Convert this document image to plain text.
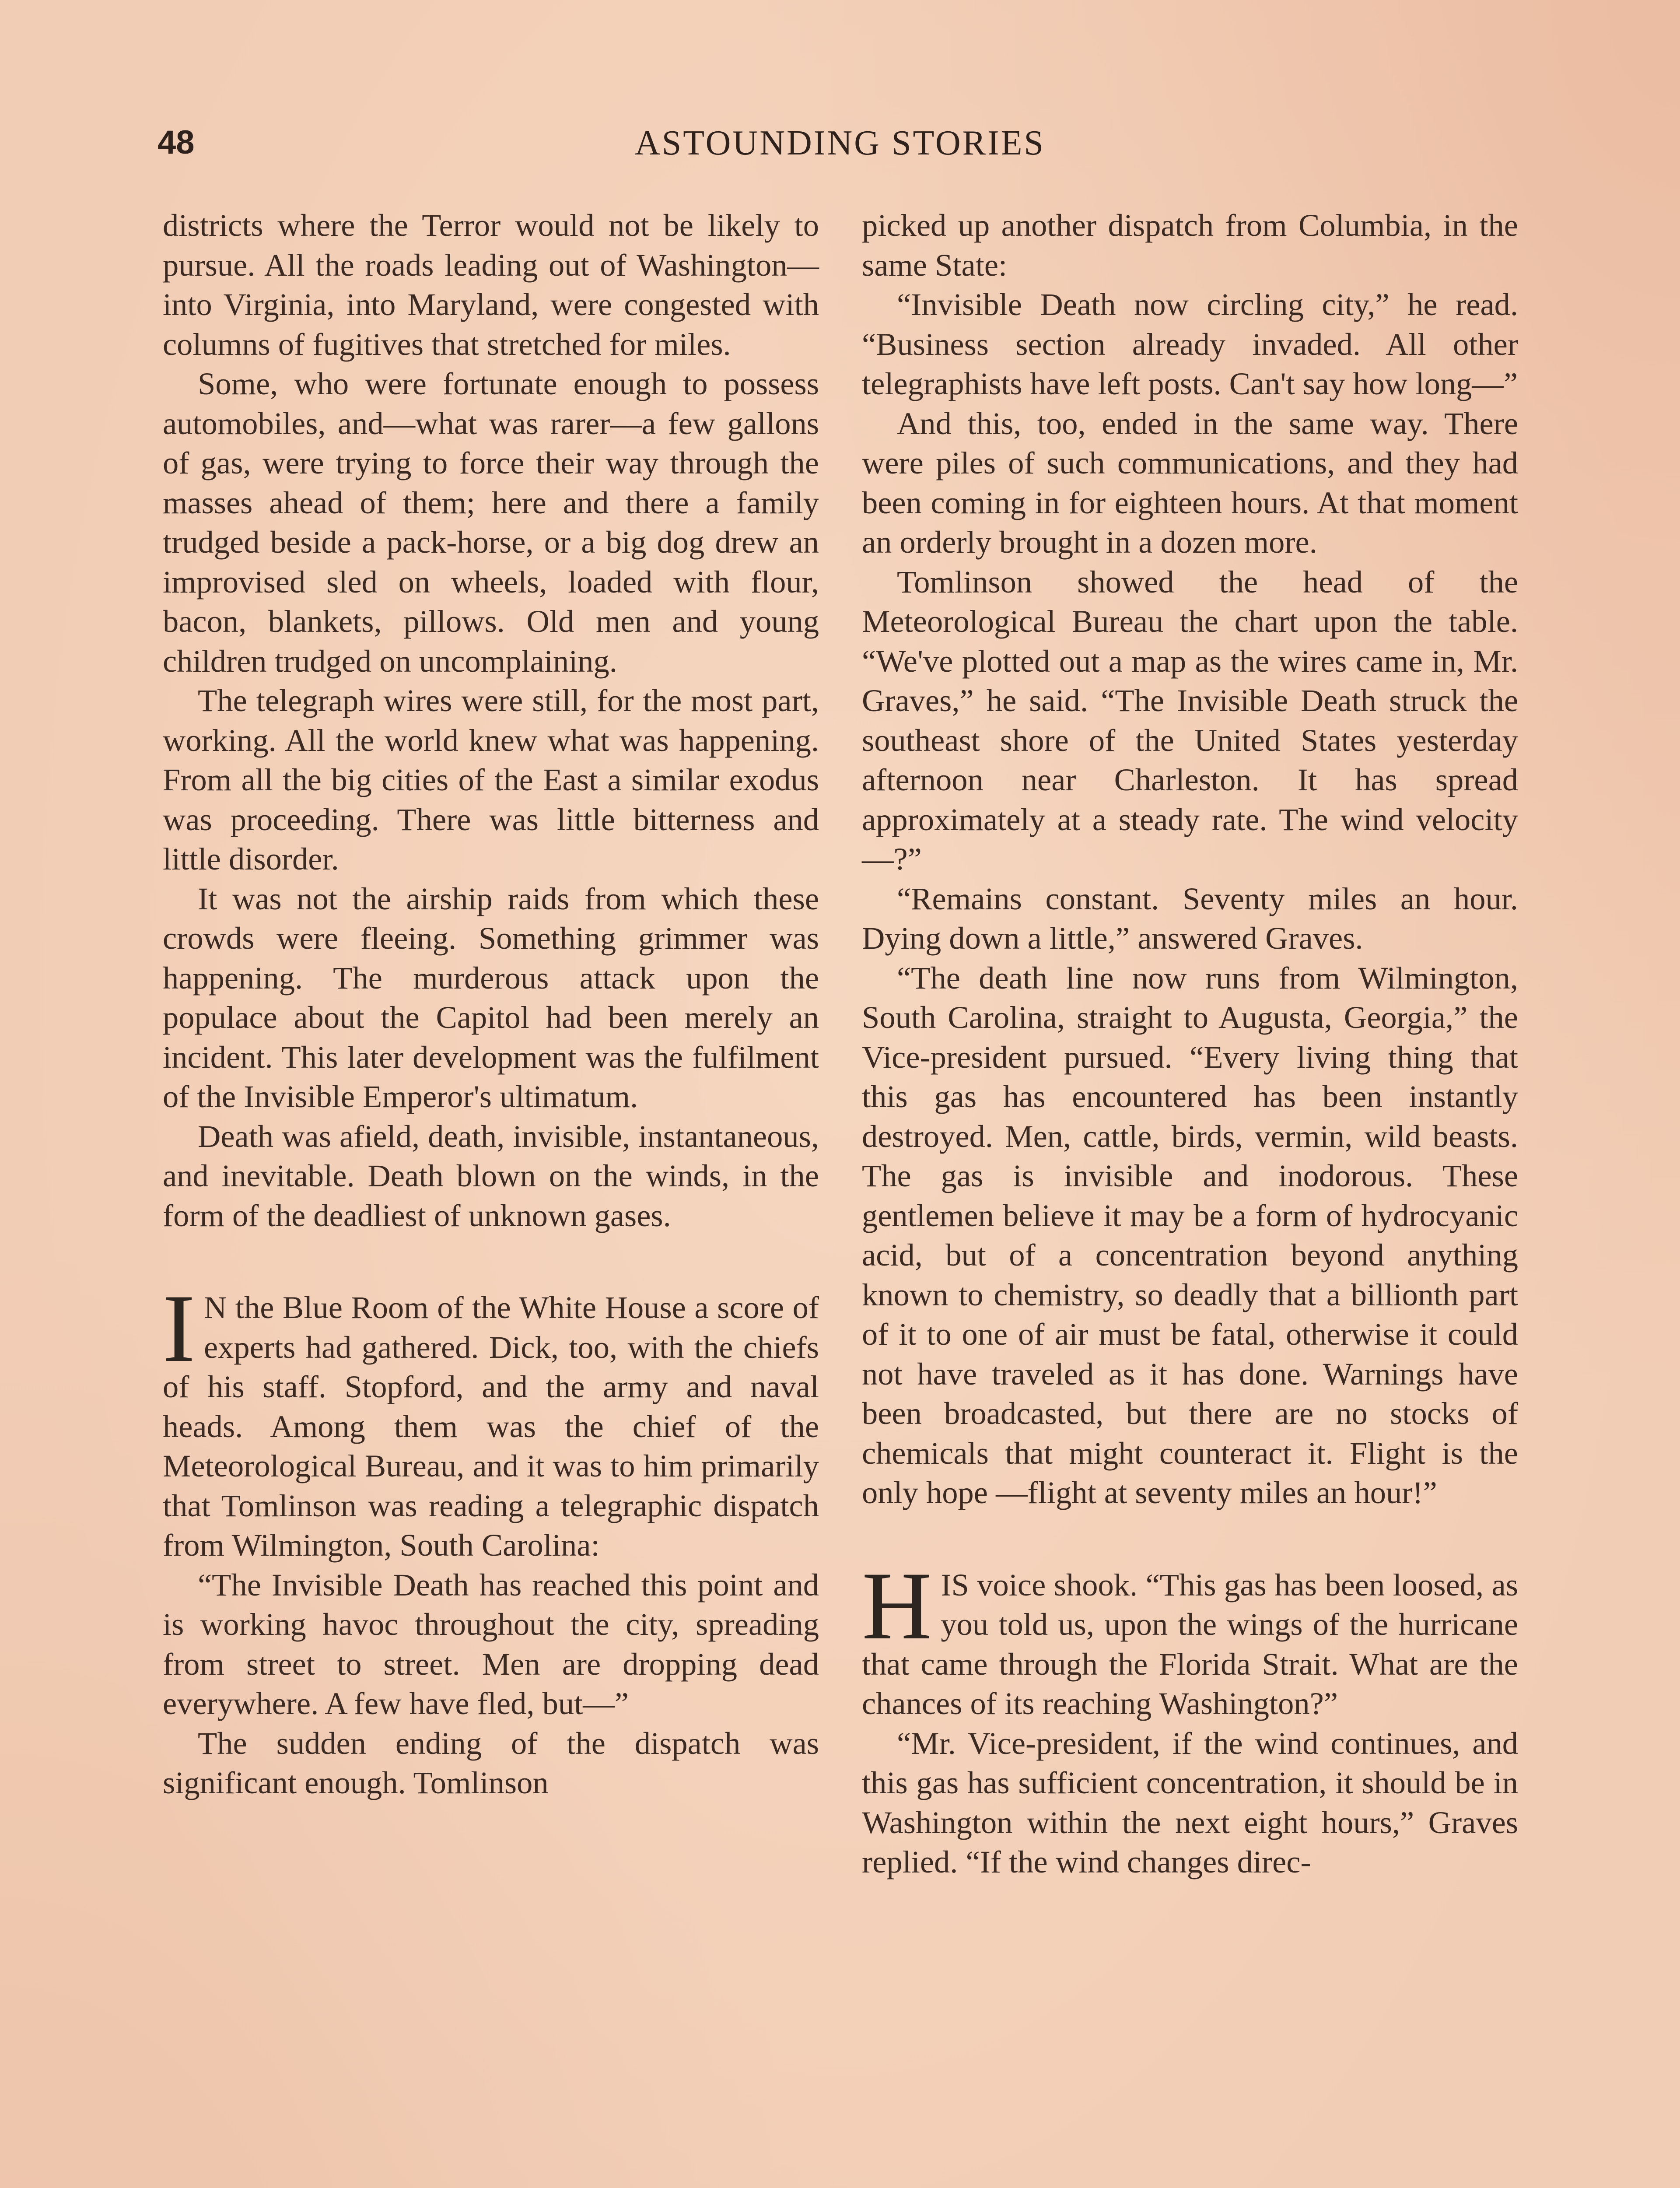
48	ASTOUNDING STORIES

districts where the Terror would not be likely to pursue. All the roads leading out of Washington—into Virginia, into Maryland, were congested with columns of fugitives that stretched for miles.

Some, who were fortunate enough to possess automobiles, and—what was rarer—a few gallons of gas, were trying to force their way through the masses ahead of them; here and there a family trudged beside a pack-horse, or a big dog drew an improvised sled on wheels, loaded with flour, bacon, blankets, pillows. Old men and young children trudged on uncomplaining.

The telegraph wires were still, for the most part, working. All the world knew what was happening. From all the big cities of the East a similar exodus was proceeding. There was little bitterness and little disorder.

It was not the airship raids from which these crowds were fleeing. Something grimmer was happening. The murderous attack upon the populace about the Capitol had been merely an incident. This later development was the fulfilment of the Invisible Emperor's ultimatum.

Death was afield, death, invisible, instantaneous, and inevitable. Death blown on the winds, in the form of the deadliest of unknown gases.

I N the Blue Room of the White House a score of experts had gathered. Dick, too, with the chiefs of his staff. Stopford, and the army and naval heads. Among them was the chief of the Meteorological Bureau, and it was to him primarily that Tomlinson was reading a telegraphic dispatch from Wilmington, South Carolina:

“The Invisible Death has reached this point and is working havoc throughout the city, spreading from street to street. Men are dropping dead everywhere. A few have fled, but—”

The sudden ending of the dispatch was significant enough. Tomlinson

picked up another dispatch from Columbia, in the same State:

“Invisible Death now circling city,” he read. “Business section already invaded. All other telegraphists have left posts. Can't say how long—”

And this, too, ended in the same way. There were piles of such communications, and they had been coming in for eighteen hours. At that moment an orderly brought in a dozen more.

Tomlinson showed the head of the Meteorological Bureau the chart upon the table. “We've plotted out a map as the wires came in, Mr. Graves,” he said. “The Invisible Death struck the southeast shore of the United States yesterday afternoon near Charleston. It has spread approximately at a steady rate. The wind velocity—?”

“Remains constant. Seventy miles an hour. Dying down a little,” answered Graves.

“The death line now runs from Wilmington, South Carolina, straight to Augusta, Georgia,” the Vice-president pursued. “Every living thing that this gas has encountered has been instantly destroyed. Men, cattle, birds, vermin, wild beasts. The gas is invisible and inodorous. These gentlemen believe it may be a form of hydrocyanic acid, but of a concentration beyond anything known to chemistry, so deadly that a billionth part of it to one of air must be fatal, otherwise it could not have traveled as it has done. Warnings have been broadcasted, but there are no stocks of chemicals that might counteract it. Flight is the only hope —flight at seventy miles an hour!”

HIS voice shook. “This gas has been loosed, as you told us, upon the wings of the hurricane that came through the Florida Strait. What are the chances of its reaching Washington?”

“Mr. Vice-president, if the wind continues, and this gas has sufficient concentration, it should be in Washington within the next eight hours,” Graves replied. “If the wind changes direc-
